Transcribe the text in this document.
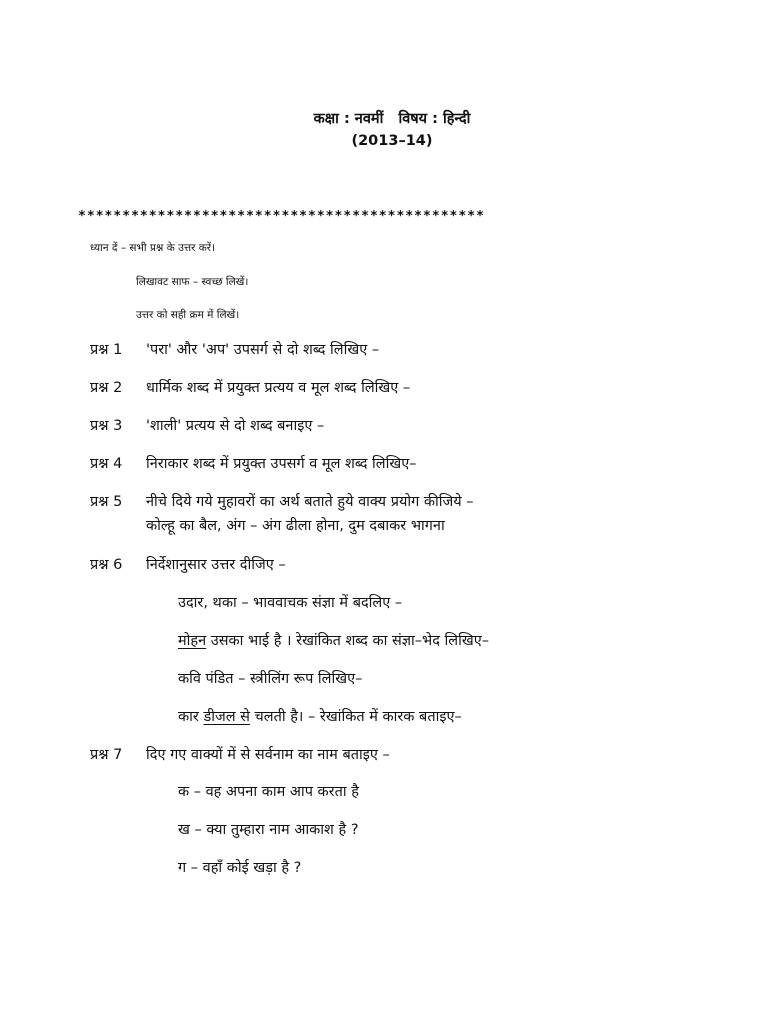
कक्षा : नवमीं   विषय : हिन्दी
(2013–14)
**********************************************
ध्यान दें – सभी प्रश्न के उत्तर करें।
लिखावट साफ – स्वच्छ लिखें।
उत्तर को सही क्रम में लिखें।
प्रश्न 1 'परा' और 'अप' उपसर्ग से दो शब्द लिखिए –
प्रश्न 2 धार्मिक शब्द में प्रयुक्त प्रत्यय व मूल शब्द लिखिए –
प्रश्न 3 'शाली' प्रत्यय से दो शब्द बनाइए –
प्रश्न 4 निराकार शब्द में प्रयुक्त उपसर्ग व मूल शब्द लिखिए–
प्रश्न 5 नीचे दिये गये मुहावरों का अर्थ बताते हुये वाक्य प्रयोग कीजिये –
कोल्हू का बैल, अंग – अंग ढीला होना, दुम दबाकर भागना
प्रश्न 6 निर्देशानुसार उत्तर दीजिए –
उदार, थका – भाववाचक संज्ञा में बदलिए –
मोहन उसका भाई है । रेखांकित शब्द का संज्ञा–भेद लिखिए–
कवि पंडित – स्त्रीलिंग रूप लिखिए–
कार डीजल से चलती है। – रेखांकित में कारक बताइए–
प्रश्न 7 दिए गए वाक्यों में से सर्वनाम का नाम बताइए –
क – वह अपना काम आप करता है
ख – क्या तुम्हारा नाम आकाश है ?
ग – वहाँ कोई खड़ा है ?
